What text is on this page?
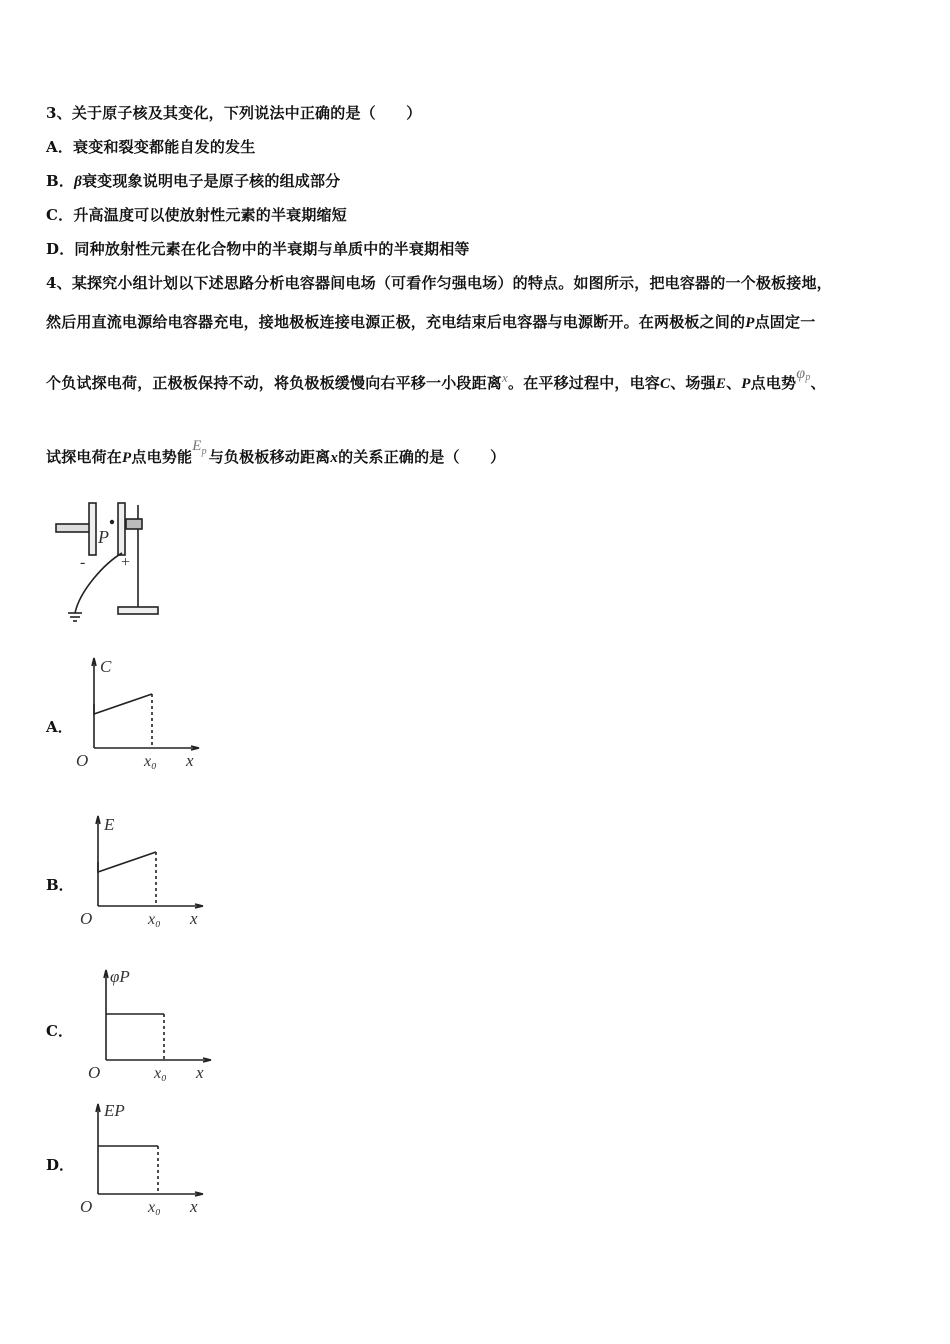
3、关于原子核及其变化，下列说法中正确的是（　　）
A．衰变和裂变都能自发的发生
B．β衰变现象说明电子是原子核的组成部分
C．升高温度可以使放射性元素的半衰期缩短
D．同种放射性元素在化合物中的半衰期与单质中的半衰期相等
4、某探究小组计划以下述思路分析电容器间电场（可看作匀强电场）的特点。如图所示，把电容器的一个极板接地，
然后用直流电源给电容器充电，接地极板连接电源正极，充电结束后电容器与电源断开。在两极板之间的P点固定一
个负试探电荷，正极板保持不动，将负极板缓慢向右平移一小段距离x。在平移过程中，电容C、场强E、P点电势$\varphi^p$、
试探电荷在P点电势能$E^p$ 与负极板移动距离x的关系正确的是（　　）
P
- +
A．
C
O	x₀ x
B．
E
O	x₀ x
C．
φP
O	x₀ x
D．
EP
O	x₀ x
